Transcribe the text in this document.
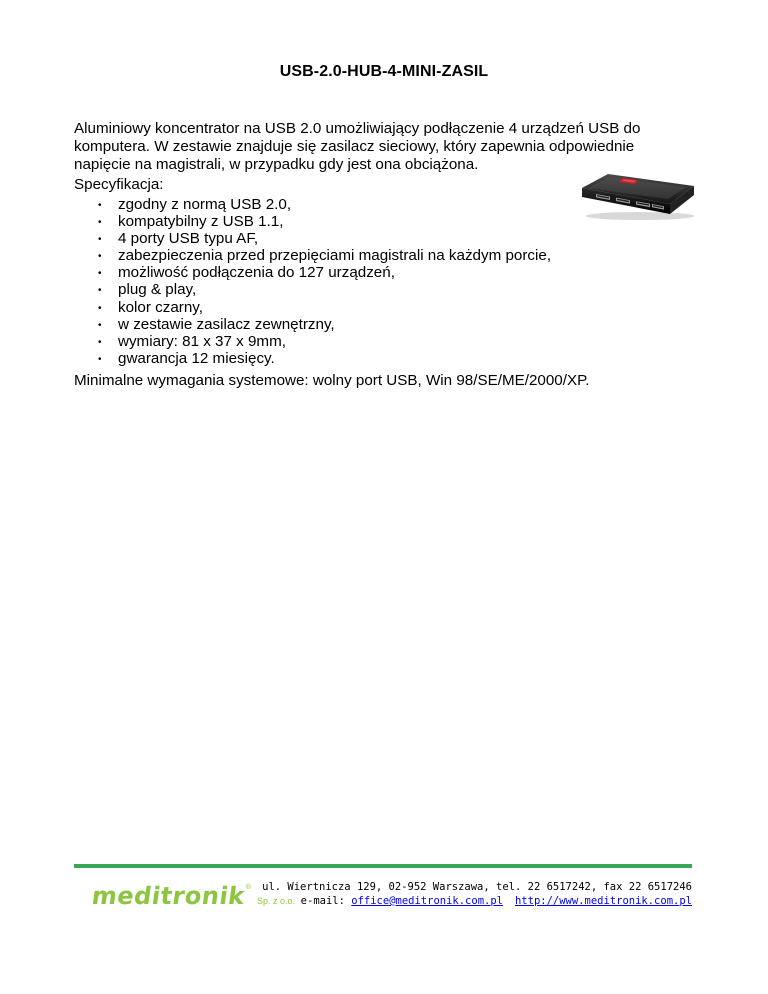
USB-2.0-HUB-4-MINI-ZASIL
Aluminiowy koncentrator na USB 2.0 umożliwiający podłączenie 4 urządzeń USB do komputera. W zestawie znajduje się zasilacz sieciowy, który zapewnia odpowiednie napięcie na magistrali, w przypadku gdy jest ona obciążona.
Specyfikacja:
• zgodny z normą USB 2.0,
• kompatybilny z USB 1.1,
• 4 porty USB typu AF,
• zabezpieczenia przed przepięciami magistrali na każdym porcie,
• możliwość podłączenia do 127 urządzeń,
• plug & play,
• kolor czarny,
• w zestawie zasilacz zewnętrzny,
• wymiary: 81 x 37 x 9mm,
• gwarancja 12 miesięcy.
Minimalne wymagania systemowe: wolny port USB, Win 98/SE/ME/2000/XP.
meditronik ®
Sp. z o.o.
ul. Wiertnicza 129, 02-952 Warszawa, tel. 22 6517242, fax 22 6517246
e-mail: office@meditronik.com.pl http://www.meditronik.com.pl
